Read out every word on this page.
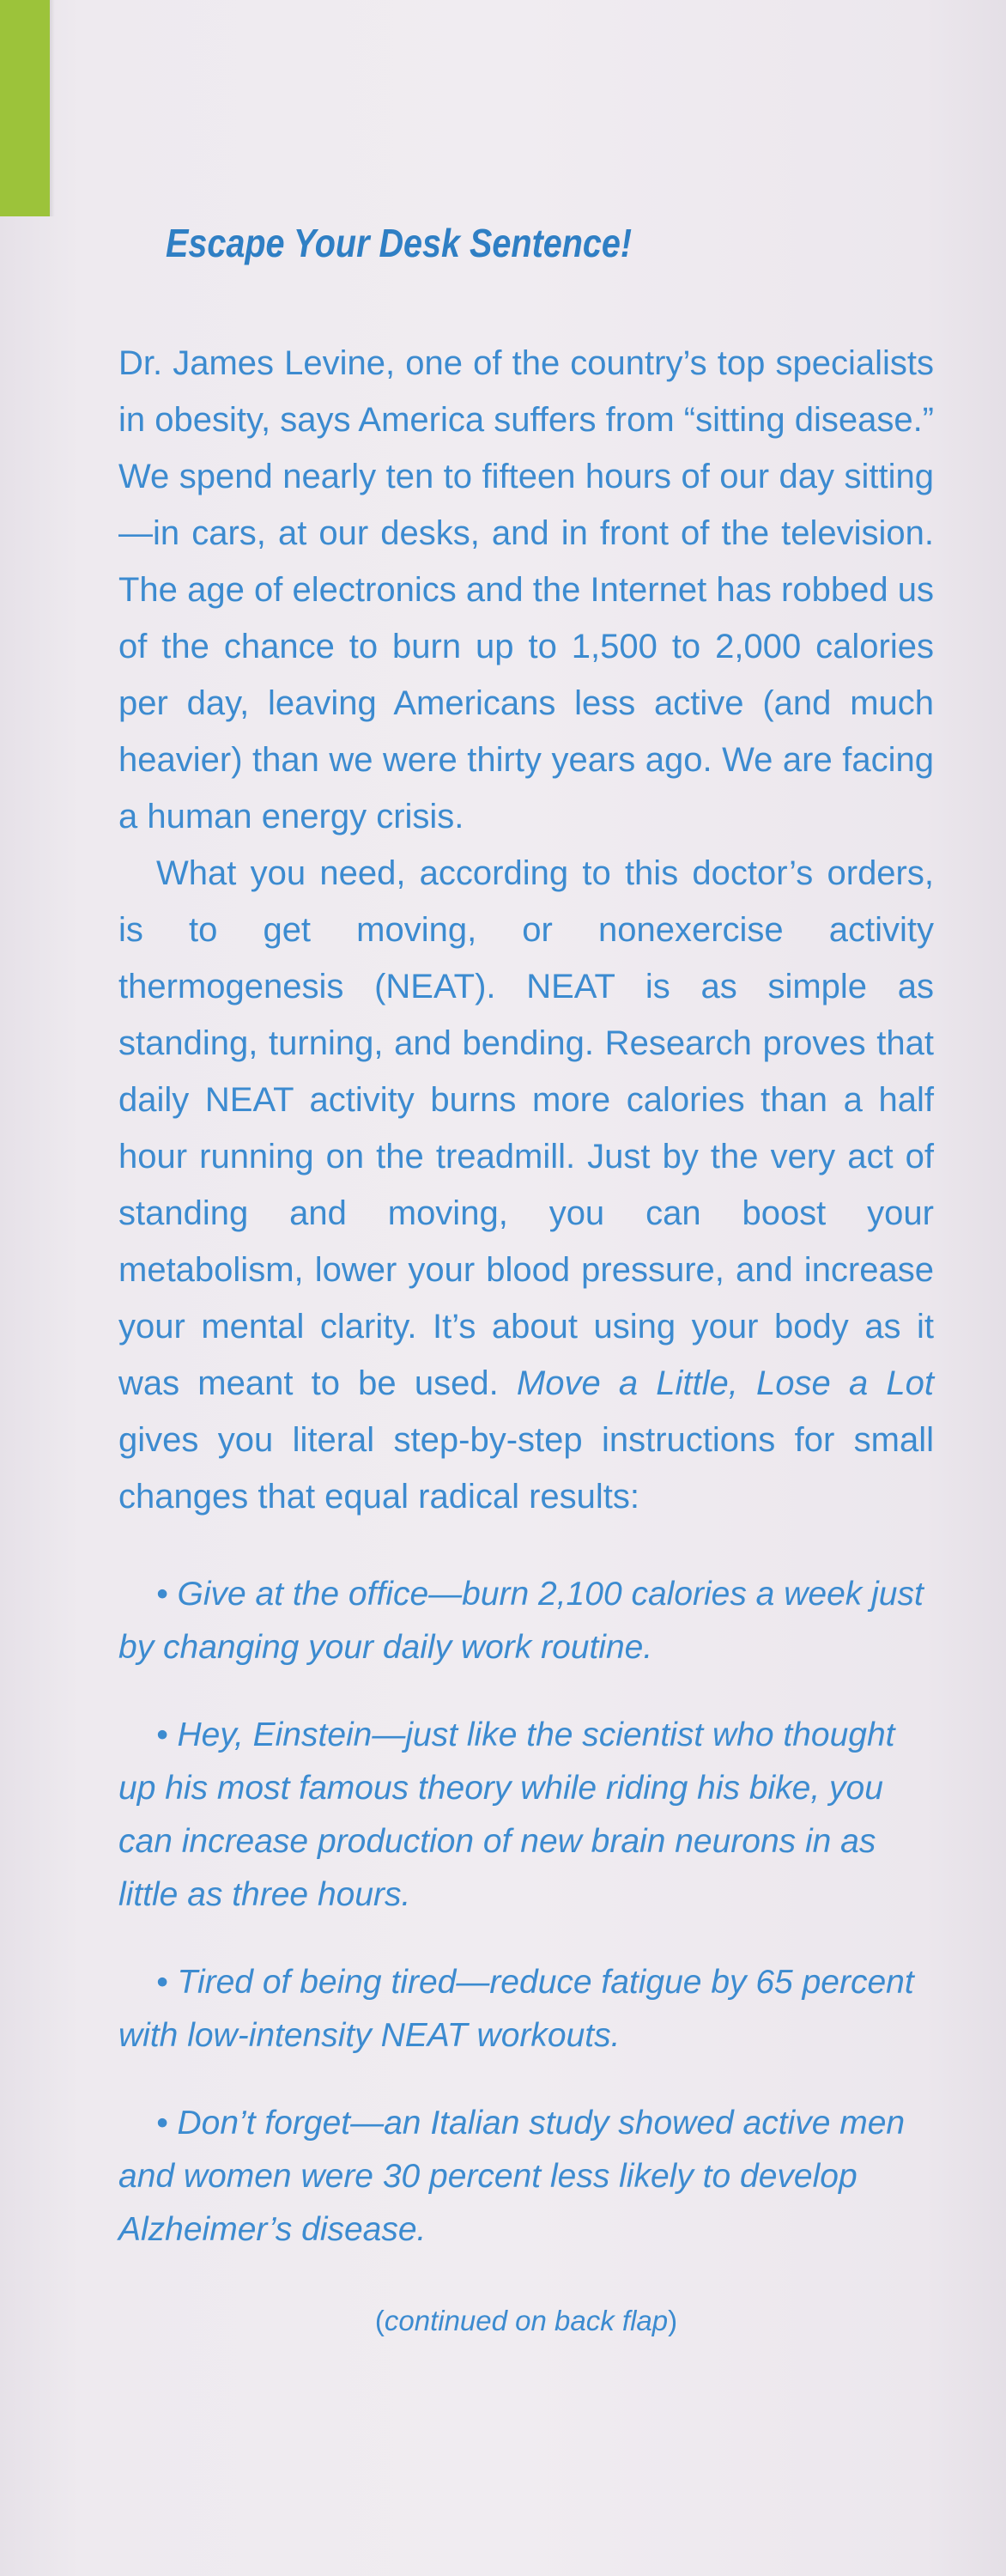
Escape Your Desk Sentence!

Dr. James Levine, one of the country’s top specialists in obesity, says America suffers from “sitting disease.” We spend nearly ten to fifteen hours of our day sitting—in cars, at our desks, and in front of the television. The age of electronics and the Internet has robbed us of the chance to burn up to 1,500 to 2,000 calories per day, leaving Americans less active (and much heavier) than we were thirty years ago. We are facing a human energy crisis.

What you need, according to this doctor’s orders, is to get moving, or nonexercise activity thermogenesis (NEAT). NEAT is as simple as standing, turning, and bending. Research proves that daily NEAT activity burns more calories than a half hour running on the treadmill. Just by the very act of standing and moving, you can boost your metabolism, lower your blood pressure, and increase your mental clarity. It’s about using your body as it was meant to be used. Move a Little, Lose a Lot gives you literal step-by-step instructions for small changes that equal radical results:

• Give at the office—burn 2,100 calories a week just by changing your daily work routine.

• Hey, Einstein—just like the scientist who thought up his most famous theory while riding his bike, you can increase production of new brain neurons in as little as three hours.

• Tired of being tired—reduce fatigue by 65 percent with low-intensity NEAT workouts.

• Don’t forget—an Italian study showed active men and women were 30 percent less likely to develop Alzheimer’s disease.

(continued on back flap)
